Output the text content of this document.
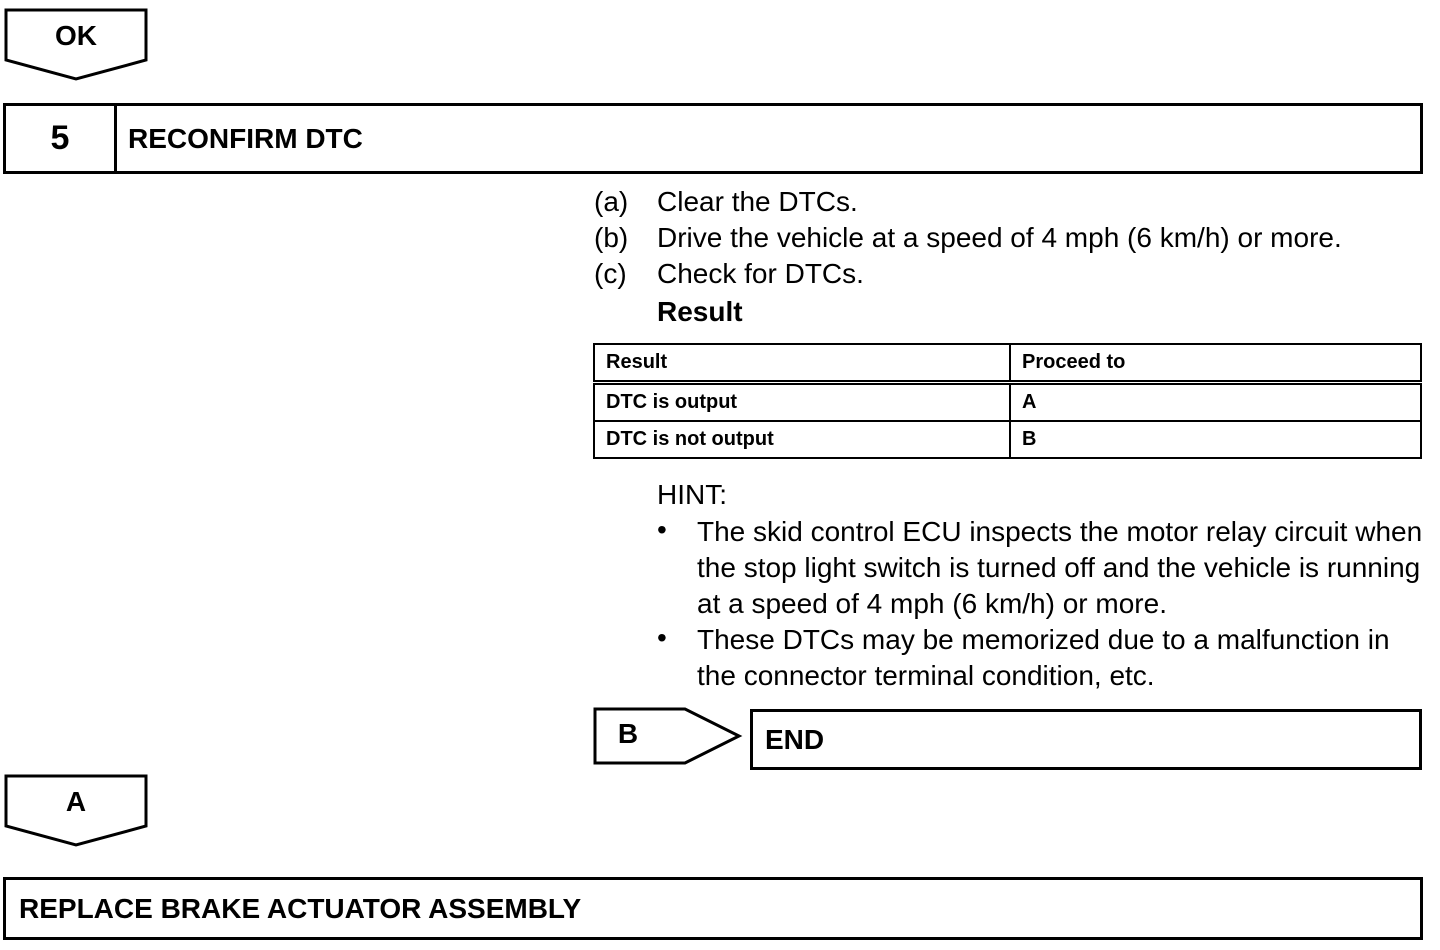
OK
5	RECONFIRM DTC
(a) Clear the DTCs.
(b) Drive the vehicle at a speed of 4 mph (6 km/h) or more.
(c) Check for DTCs.
Result
Result	Proceed to
DTC is output	A
DTC is not output	B
HINT:
• The skid control ECU inspects the motor relay circuit when the stop light switch is turned off and the vehicle is running at a speed of 4 mph (6 km/h) or more.
• These DTCs may be memorized due to a malfunction in the connector terminal condition, etc.
B	END
A
REPLACE BRAKE ACTUATOR ASSEMBLY
